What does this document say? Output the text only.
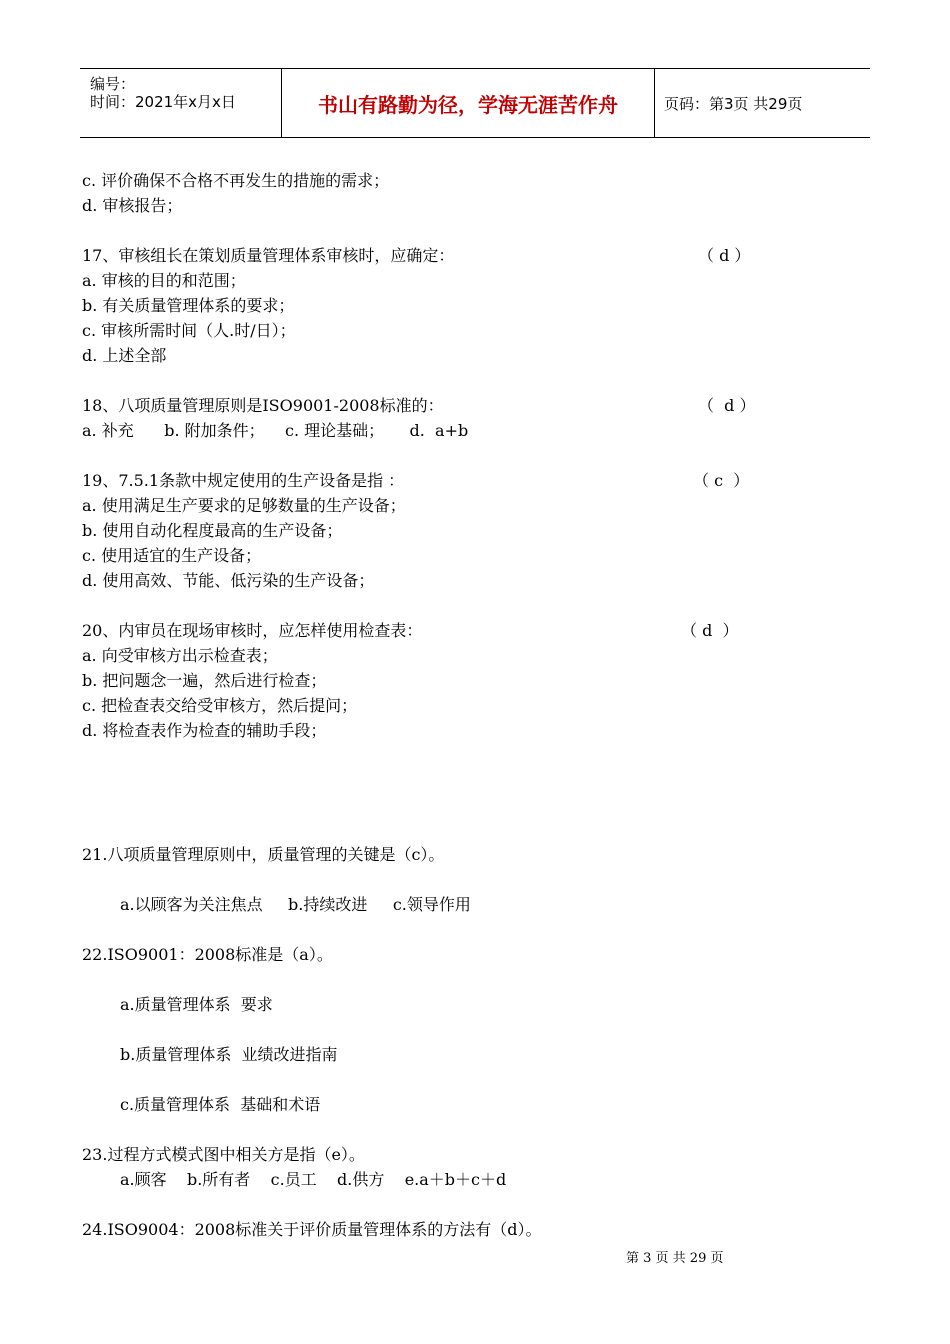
编号：
时间：2021年x月x日	书山有路勤为径，学海无涯苦作舟	页码：第3页 共29页
c. 评价确保不合格不再发生的措施的需求；
d. 审核报告；
17、审核组长在策划质量管理体系审核时，应确定：
a. 审核的目的和范围；
b. 有关质量管理体系的要求；
c. 审核所需时间（人.时/日）；
d. 上述全部
18、八项质量管理原则是ISO9001-2008标准的：
a. 补充      b. 附加条件；    c. 理论基础；     d.  a+b
19、7.5.1条款中规定使用的生产设备是指 ：
a. 使用满足生产要求的足够数量的生产设备；
b. 使用自动化程度最高的生产设备；
c. 使用适宜的生产设备；
d. 使用高效、节能、低污染的生产设备；
20、内审员在现场审核时，应怎样使用检查表：
a. 向受审核方出示检查表；
b. 把问题念一遍，然后进行检查；
c. 把检查表交给受审核方，然后提问；
d. 将检查表作为检查的辅助手段；
21.八项质量管理原则中，质量管理的关键是（c）。
a.以顾客为关注焦点     b.持续改进     c.领导作用
22.ISO9001：2008标准是（a）。
a.质量管理体系  要求
b.质量管理体系  业绩改进指南
c.质量管理体系  基础和术语
23.过程方式模式图中相关方是指（e）。
a.顾客    b.所有者    c.员工    d.供方    e.a＋b＋c＋d
24.ISO9004：2008标准关于评价质量管理体系的方法有（d）。
（ d ）
（  d ）
（ c  ）
（ d  ）
第 3 页 共 29 页
